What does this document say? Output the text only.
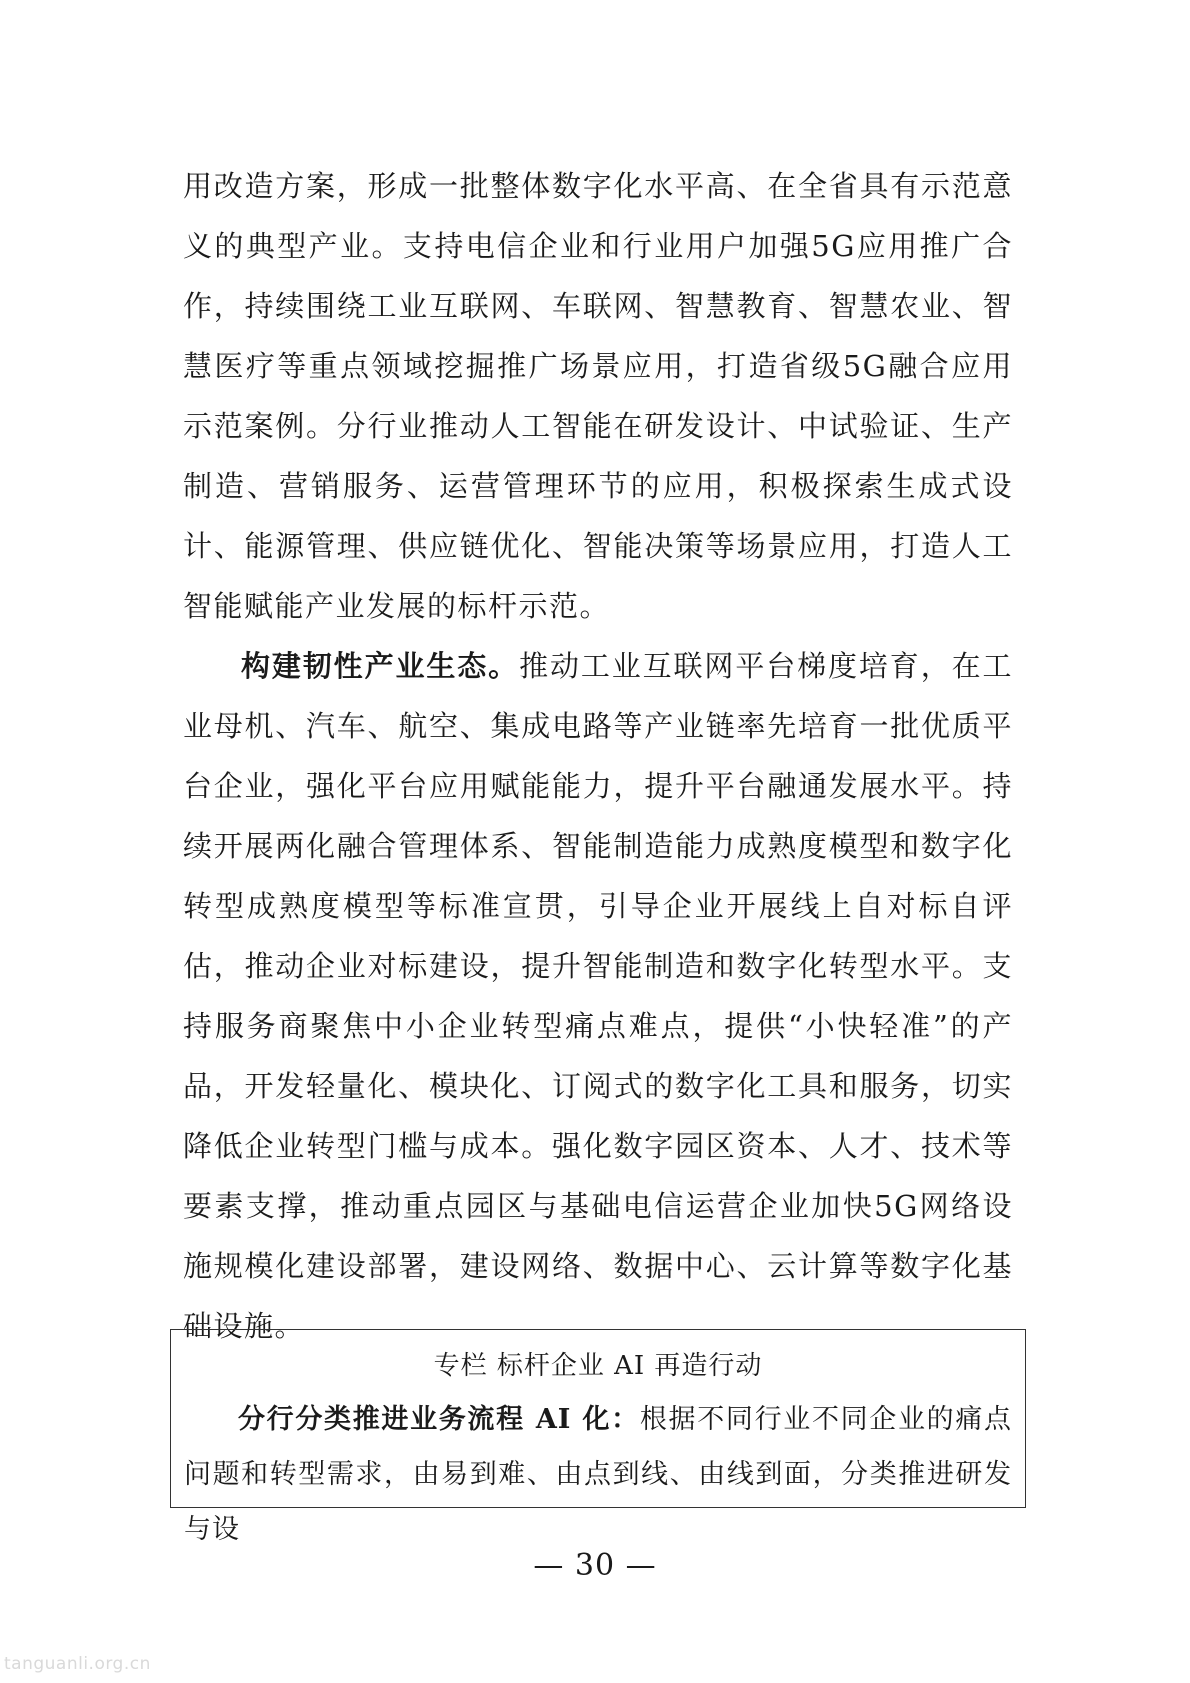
用改造方案，形成一批整体数字化水平高、在全省具有示范意义的典型产业。支持电信企业和行业用户加强5G应用推广合作，持续围绕工业互联网、车联网、智慧教育、智慧农业、智慧医疗等重点领域挖掘推广场景应用，打造省级5G融合应用示范案例。分行业推动人工智能在研发设计、中试验证、生产制造、营销服务、运营管理环节的应用，积极探索生成式设计、能源管理、供应链优化、智能决策等场景应用，打造人工智能赋能产业发展的标杆示范。

构建韧性产业生态。推动工业互联网平台梯度培育，在工业母机、汽车、航空、集成电路等产业链率先培育一批优质平台企业，强化平台应用赋能能力，提升平台融通发展水平。持续开展两化融合管理体系、智能制造能力成熟度模型和数字化转型成熟度模型等标准宣贯，引导企业开展线上自对标自评估，推动企业对标建设，提升智能制造和数字化转型水平。支持服务商聚焦中小企业转型痛点难点，提供“小快轻准”的产品，开发轻量化、模块化、订阅式的数字化工具和服务，切实降低企业转型门槛与成本。强化数字园区资本、人才、技术等要素支撑，推动重点园区与基础电信运营企业加快5G网络设施规模化建设部署，建设网络、数据中心、云计算等数字化基础设施。

专栏 标杆企业 AI 再造行动

分行分类推进业务流程 AI 化：根据不同行业不同企业的痛点问题和转型需求，由易到难、由点到线、由线到面，分类推进研发与设

— 30 —
tanguanli.org.cn
